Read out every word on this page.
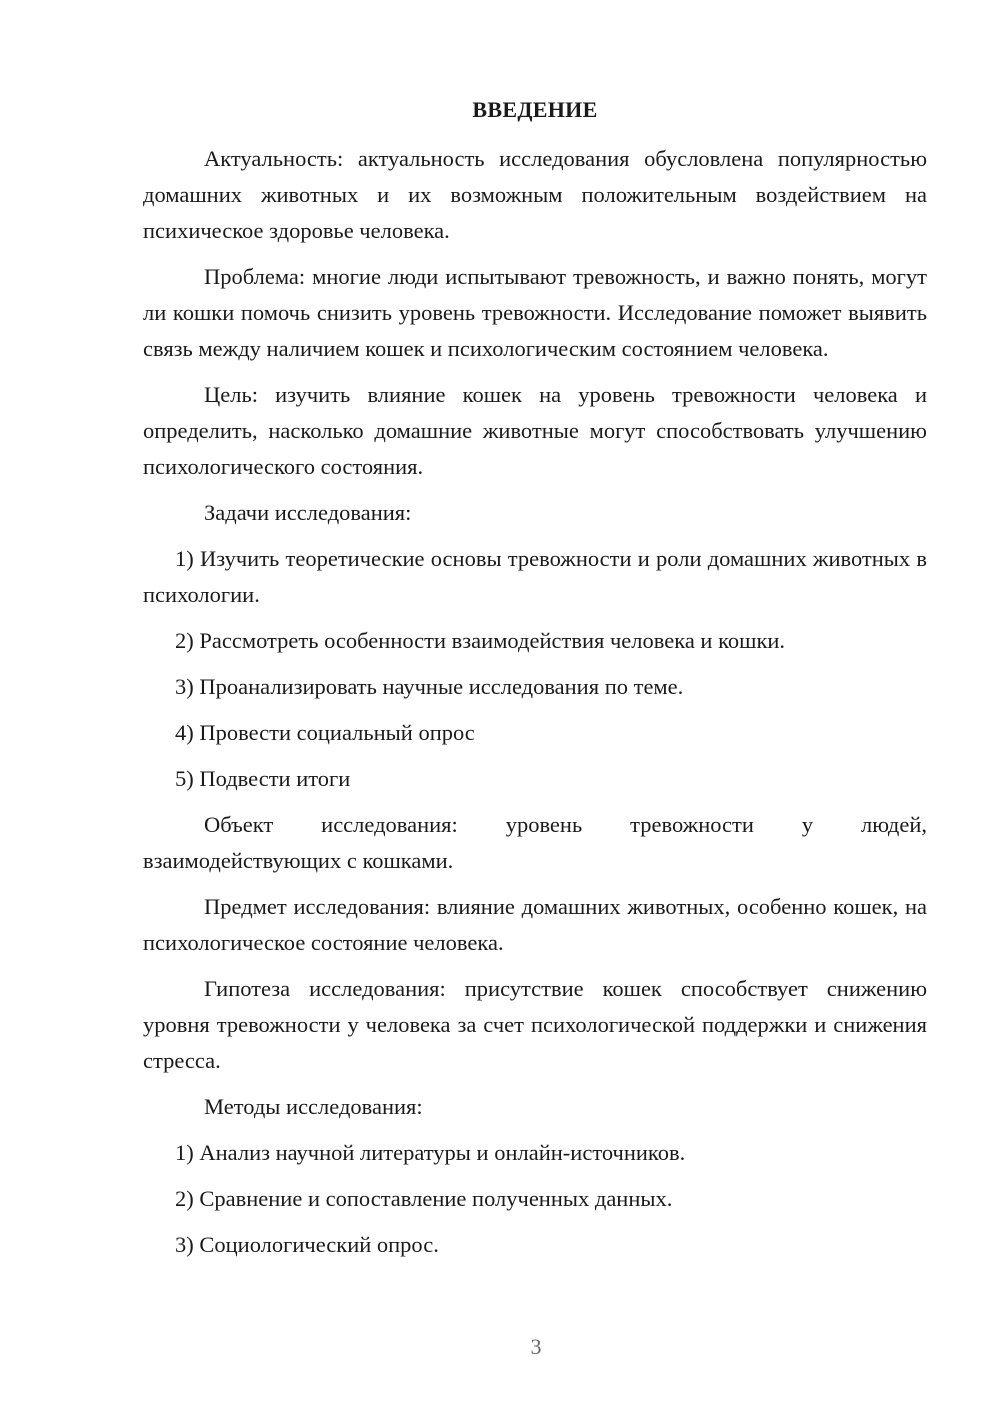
ВВЕДЕНИЕ

Актуальность: актуальность исследования обусловлена популярностью домашних животных и их возможным положительным воздействием на психическое здоровье человека.

Проблема: многие люди испытывают тревожность, и важно понять, могут ли кошки помочь снизить уровень тревожности. Исследование поможет выявить связь между наличием кошек и психологическим состоянием человека.

Цель: изучить влияние кошек на уровень тревожности человека и определить, насколько домашние животные могут способствовать улучшению психологического состояния.

Задачи исследования:

1) Изучить теоретические основы тревожности и роли домашних животных в психологии.

2) Рассмотреть особенности взаимодействия человека и кошки.

3) Проанализировать научные исследования по теме.

4) Провести социальный опрос

5) Подвести итоги

Объект исследования: уровень тревожности у людей,

взаимодействующих с кошками.

Предмет исследования: влияние домашних животных, особенно кошек, на психологическое состояние человека.

Гипотеза исследования: присутствие кошек способствует снижению уровня тревожности у человека за счет психологической поддержки и снижения стресса.

Методы исследования:

1) Анализ научной литературы и онлайн-источников.

2) Сравнение и сопоставление полученных данных.

3) Социологический опрос.

3
